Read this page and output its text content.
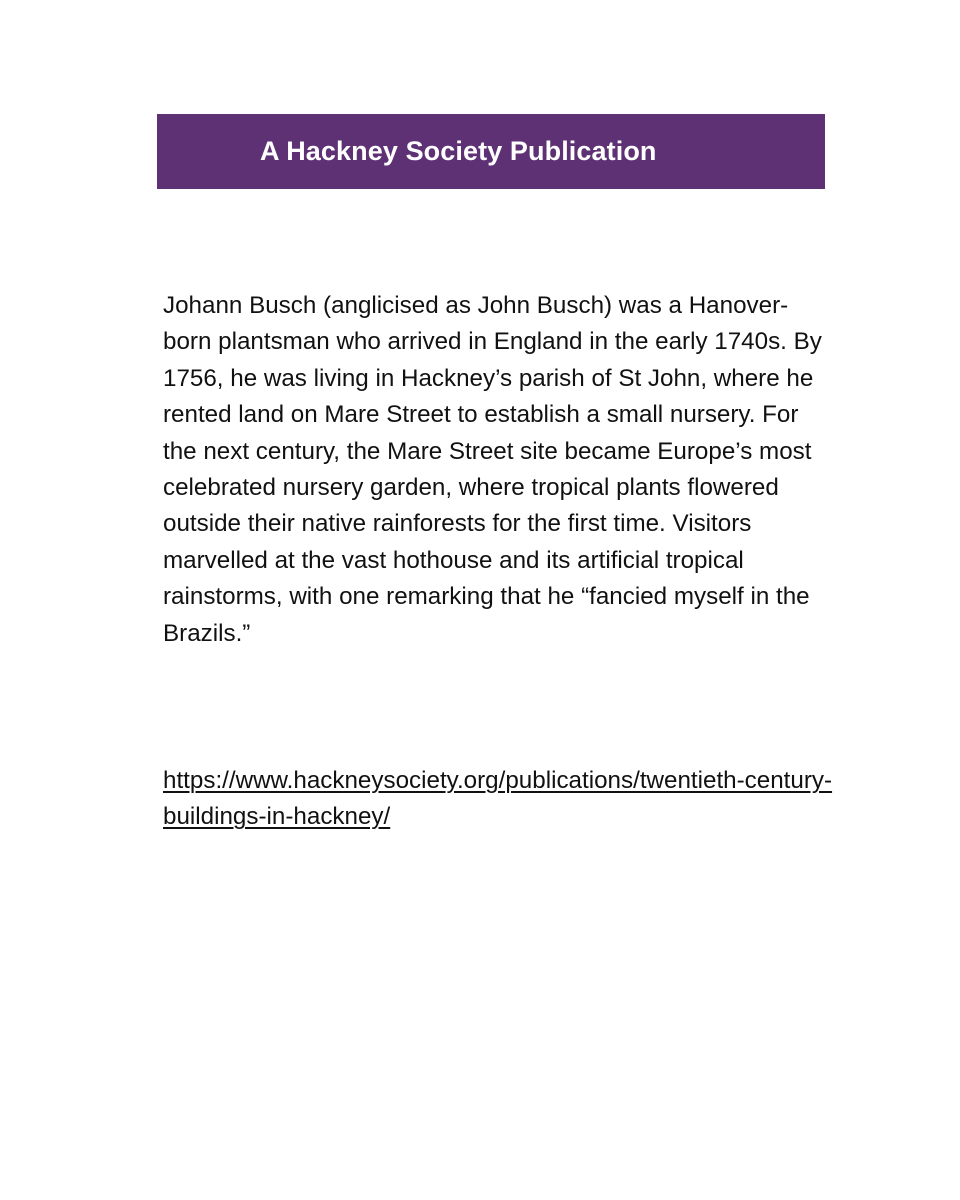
A Hackney Society Publication

Johann Busch (anglicised as John Busch) was a Hanover-born plantsman who arrived in England in the early 1740s. By 1756, he was living in Hackney’s parish of St John, where he rented land on Mare Street to establish a small nursery. For the next century, the Mare Street site became Europe’s most celebrated nursery garden, where tropical plants flowered outside their native rainforests for the first time. Visitors marvelled at the vast hothouse and its artificial tropical rainstorms, with one remarking that he “fancied myself in the Brazils.”

https://www.hackneysociety.org/publications/twentieth-century-buildings-in-hackney/
